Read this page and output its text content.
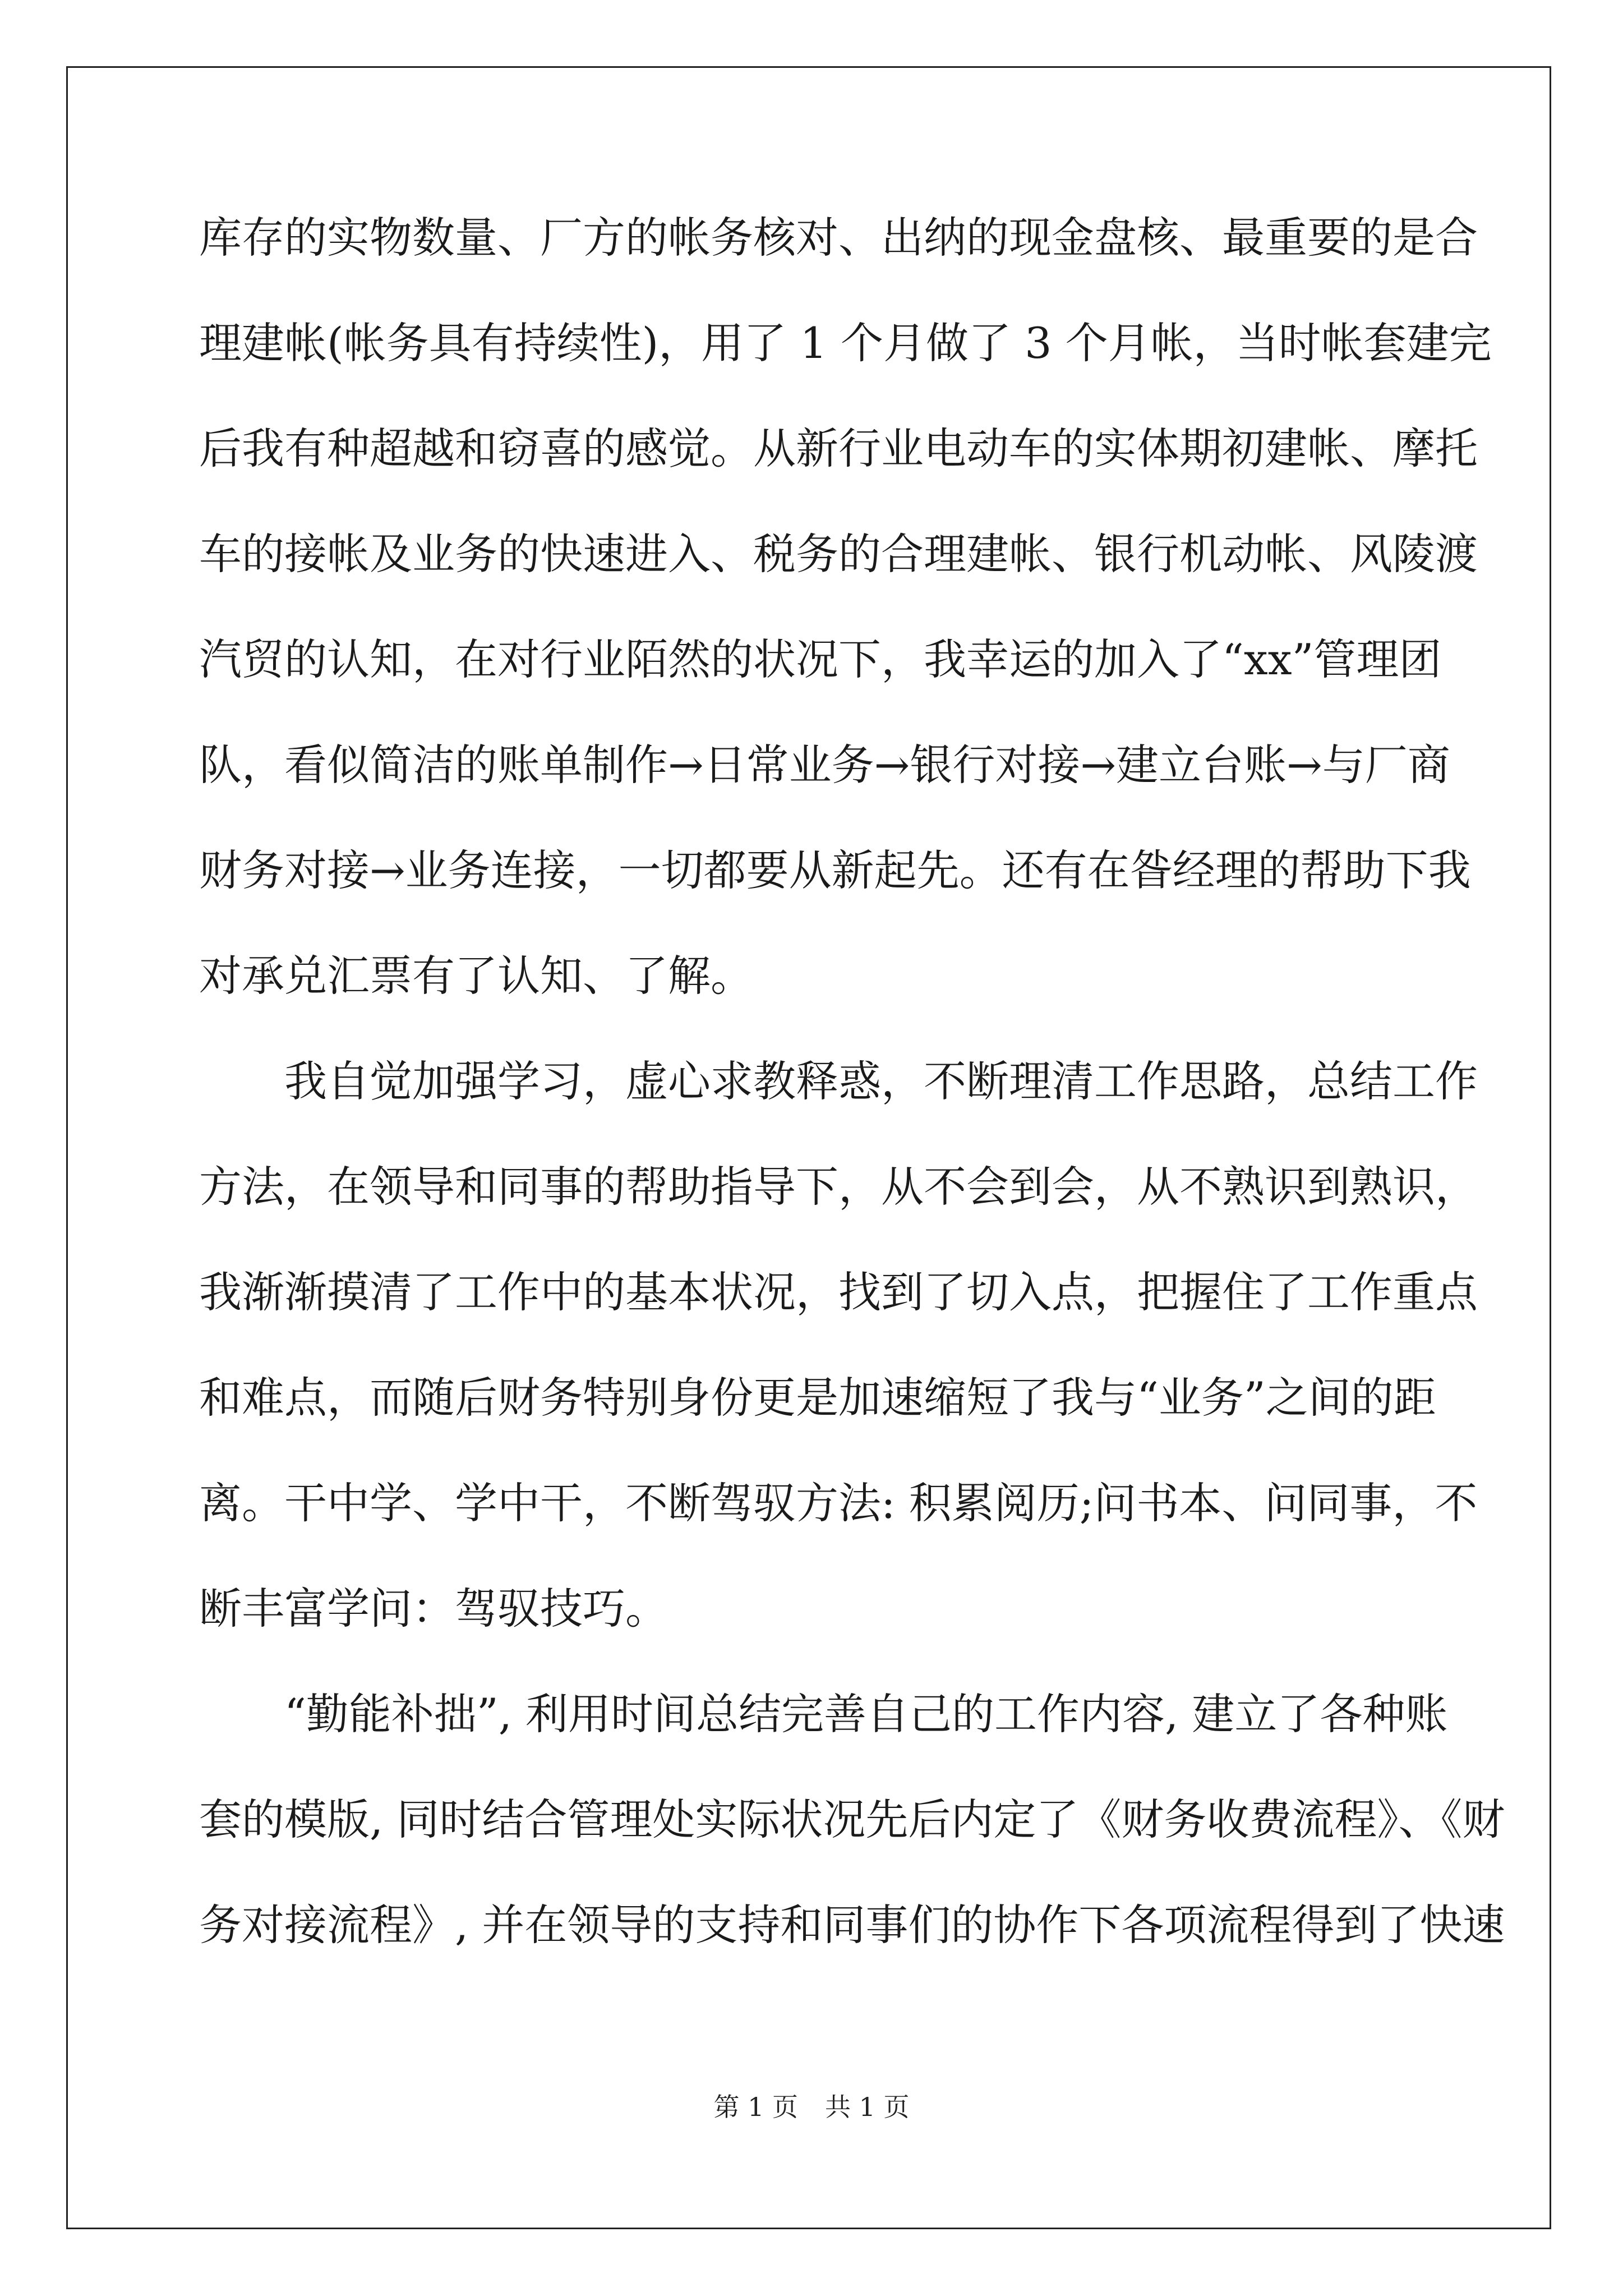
库存的实物数量、厂方的帐务核对、出纳的现金盘核、最重要的是合
理建帐(帐务具有持续性)，用了 1 个月做了 3 个月帐，当时帐套建完
后我有种超越和窃喜的感觉。从新行业电动车的实体期初建帐、摩托
车的接帐及业务的快速进入、税务的合理建帐、银行机动帐、风陵渡
汽贸的认知，在对行业陌然的状况下，我幸运的加入了“xx”管理团
队，看似简洁的账单制作→日常业务→银行对接→建立台账→与厂商
财务对接→业务连接，一切都要从新起先。还有在昝经理的帮助下我
对承兑汇票有了认知、了解。
我自觉加强学习，虚心求教释惑，不断理清工作思路，总结工作
方法，在领导和同事的帮助指导下，从不会到会，从不熟识到熟识，
我渐渐摸清了工作中的基本状况，找到了切入点，把握住了工作重点
和难点，而随后财务特别身份更是加速缩短了我与“业务”之间的距
离。干中学、学中干，不断驾驭方法: 积累阅历;问书本、问同事，不
断丰富学问：驾驭技巧。
“勤能补拙”, 利用时间总结完善自己的工作内容, 建立了各种账
套的模版, 同时结合管理处实际状况先后内定了《财务收费流程》、《财
务对接流程》, 并在领导的支持和同事们的协作下各项流程得到了快速
第 1 页 共 1 页
